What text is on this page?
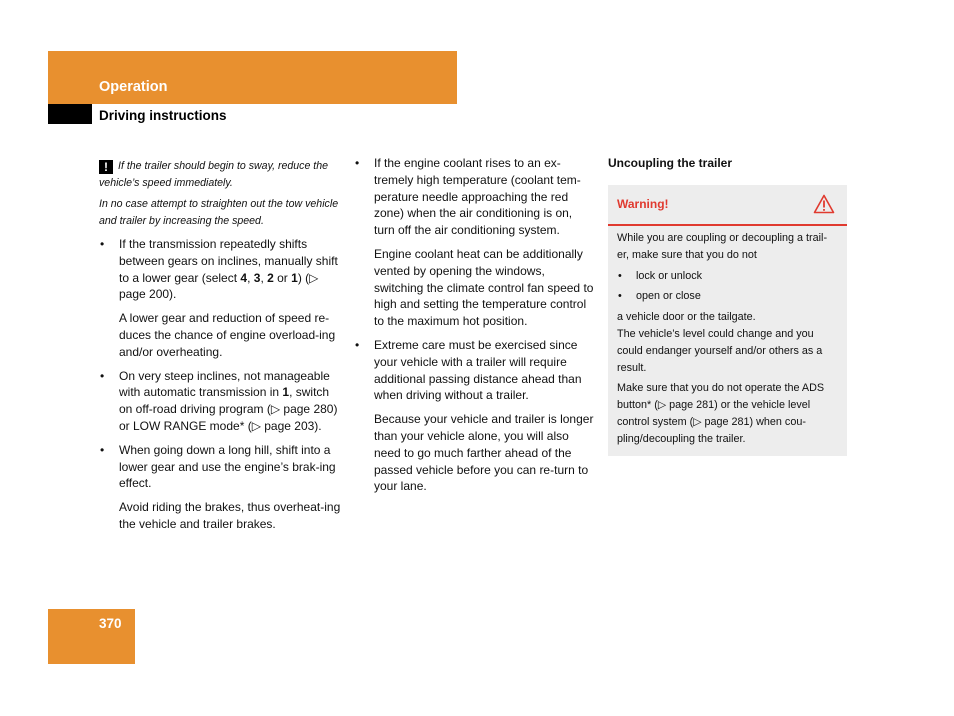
Operation
Driving instructions

! If the trailer should begin to sway, reduce the vehicle’s speed immediately.

In no case attempt to straighten out the tow vehicle and trailer by increasing the speed.

• If the transmission repeatedly shifts between gears on inclines, manually shift to a lower gear (select 4, 3, 2 or 1) (▷ page 200).

A lower gear and reduction of speed re-duces the chance of engine overload-ing and/or overheating.

• On very steep inclines, not manageable with automatic transmission in 1, switch on off-road driving program (▷ page 280) or LOW RANGE mode* (▷ page 203).

• When going down a long hill, shift into a lower gear and use the engine’s brak-ing effect.

Avoid riding the brakes, thus overheat-ing the vehicle and trailer brakes.

• If the engine coolant rises to an ex-tremely high temperature (coolant tem-perature needle approaching the red zone) when the air conditioning is on, turn off the air conditioning system.

Engine coolant heat can be additionally vented by opening the windows, switching the climate control fan speed to high and setting the temperature control to the maximum hot position.

• Extreme care must be exercised since your vehicle with a trailer will require additional passing distance ahead than when driving without a trailer.

Because your vehicle and trailer is longer than your vehicle alone, you will also need to go much farther ahead of the passed vehicle before you can re-turn to your lane.

Uncoupling the trailer

Warning!

While you are coupling or decoupling a trail-er, make sure that you do not

• lock or unlock

• open or close

a vehicle door or the tailgate.

The vehicle’s level could change and you could endanger yourself and/or others as a result.

Make sure that you do not operate the ADS button* (▷ page 281) or the vehicle level control system (▷ page 281) when cou-pling/decoupling the trailer.

370
